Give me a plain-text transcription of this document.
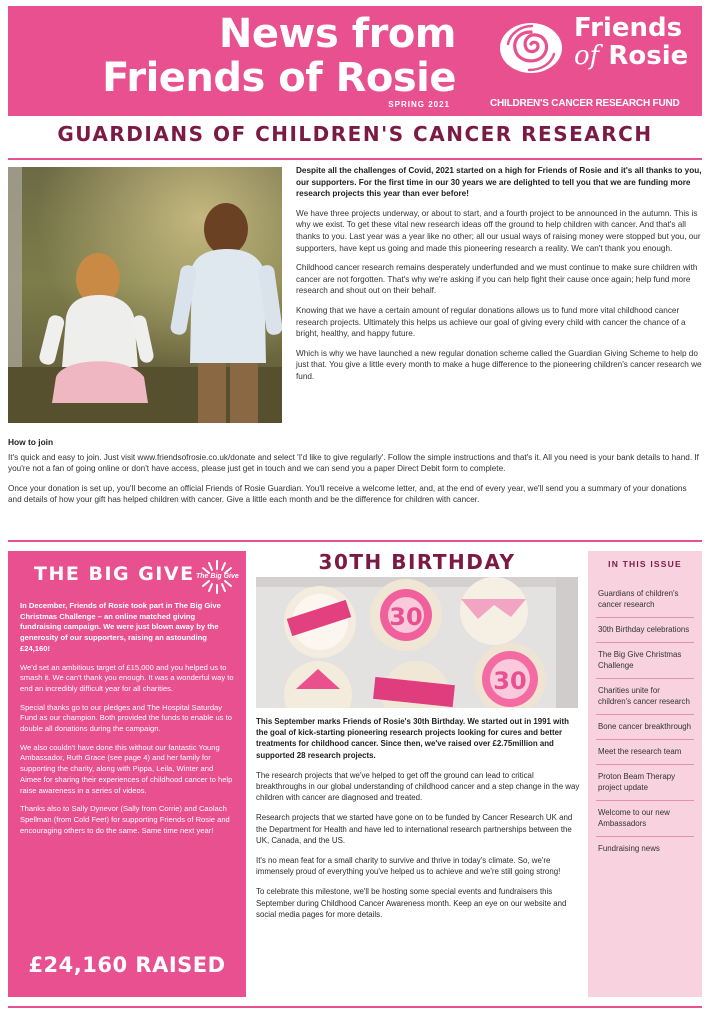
News from
Friends of Rosie
SPRING 2021
Friends
of Rosie
CHILDREN'S CANCER RESEARCH FUND
GUARDIANS OF CHILDREN'S CANCER RESEARCH

Despite all the challenges of Covid, 2021 started on a high for Friends of Rosie and it's all thanks to you, our supporters. For the first time in our 30 years we are delighted to tell you that we are funding more research projects this year than ever before!

We have three projects underway, or about to start, and a fourth project to be announced in the autumn. This is why we exist. To get these vital new research ideas off the ground to help children with cancer. And that's all thanks to you. Last year was a year like no other; all our usual ways of raising money were stopped but you, our supporters, have kept us going and made this pioneering research a reality. We can't thank you enough.

Childhood cancer research remains desperately underfunded and we must continue to make sure children with cancer are not forgotten. That's why we're asking if you can help fight their cause once again; help fund more research and shout out on their behalf.

Knowing that we have a certain amount of regular donations allows us to fund more vital childhood cancer research projects. Ultimately this helps us achieve our goal of giving every child with cancer the chance of a bright, healthy, and happy future.

Which is why we have launched a new regular donation scheme called the Guardian Giving Scheme to help do just that. You give a little every month to make a huge difference to the pioneering children's cancer research we fund.

How to join

It's quick and easy to join. Just visit www.friendsofrosie.co.uk/donate and select 'I'd like to give regularly'. Follow the simple instructions and that's it. All you need is your bank details to hand. If you're not a fan of going online or don't have access, please just get in touch and we can send you a paper Direct Debit form to complete.

Once your donation is set up, you'll become an official Friends of Rosie Guardian. You'll receive a welcome letter, and, at the end of every year, we'll send you a summary of your donations and details of how your gift has helped children with cancer. Give a little each month and be the difference for children with cancer.

THE BIG GIVE The Big Give

In December, Friends of Rosie took part in The Big Give Christmas Challenge – an online matched giving fundraising campaign. We were just blown away by the generosity of our supporters, raising an astounding £24,160!

We'd set an ambitious target of £15,000 and you helped us to smash it. We can't thank you enough. It was a wonderful way to end an incredibly difficult year for all charities.

Special thanks go to our pledges and The Hospital Saturday Fund as our champion. Both provided the funds to enable us to double all donations during the campaign.

We also couldn't have done this without our fantastic Young Ambassador, Ruth Grace (see page 4) and her family for supporting the charity, along with Pippa, Leila, Winter and Aimee for sharing their experiences of childhood cancer to help raise awareness in a series of videos.

Thanks also to Sally Dynevor (Sally from Corrie) and Caolach Spellman (from Cold Feet) for supporting Friends of Rosie and encouraging others to do the same. Same time next year!

£24,160 RAISED
30TH BIRTHDAY
30
30

This September marks Friends of Rosie's 30th Birthday. We started out in 1991 with the goal of kick-starting pioneering research projects looking for cures and better treatments for childhood cancer. Since then, we've raised over £2.75million and supported 28 research projects.

The research projects that we've helped to get off the ground can lead to critical breakthroughs in our global understanding of childhood cancer and a step change in the way children with cancer are diagnosed and treated.

Research projects that we started have gone on to be funded by Cancer Research UK and the Department for Health and have led to international research partnerships between the UK, Canada, and the US.

It's no mean feat for a small charity to survive and thrive in today's climate. So, we're immensely proud of everything you've helped us to achieve and we're still going strong!

To celebrate this milestone, we'll be hosting some special events and fundraisers this September during Childhood Cancer Awareness month. Keep an eye on our website and social media pages for more details.

IN THIS ISSUE
Guardians of children's cancer research
30th Birthday celebrations
The Big Give Christmas Challenge
Charities unite for children's cancer research
Bone cancer breakthrough
Meet the research team
Proton Beam Therapy project update
Welcome to our new Ambassadors
Fundraising news
